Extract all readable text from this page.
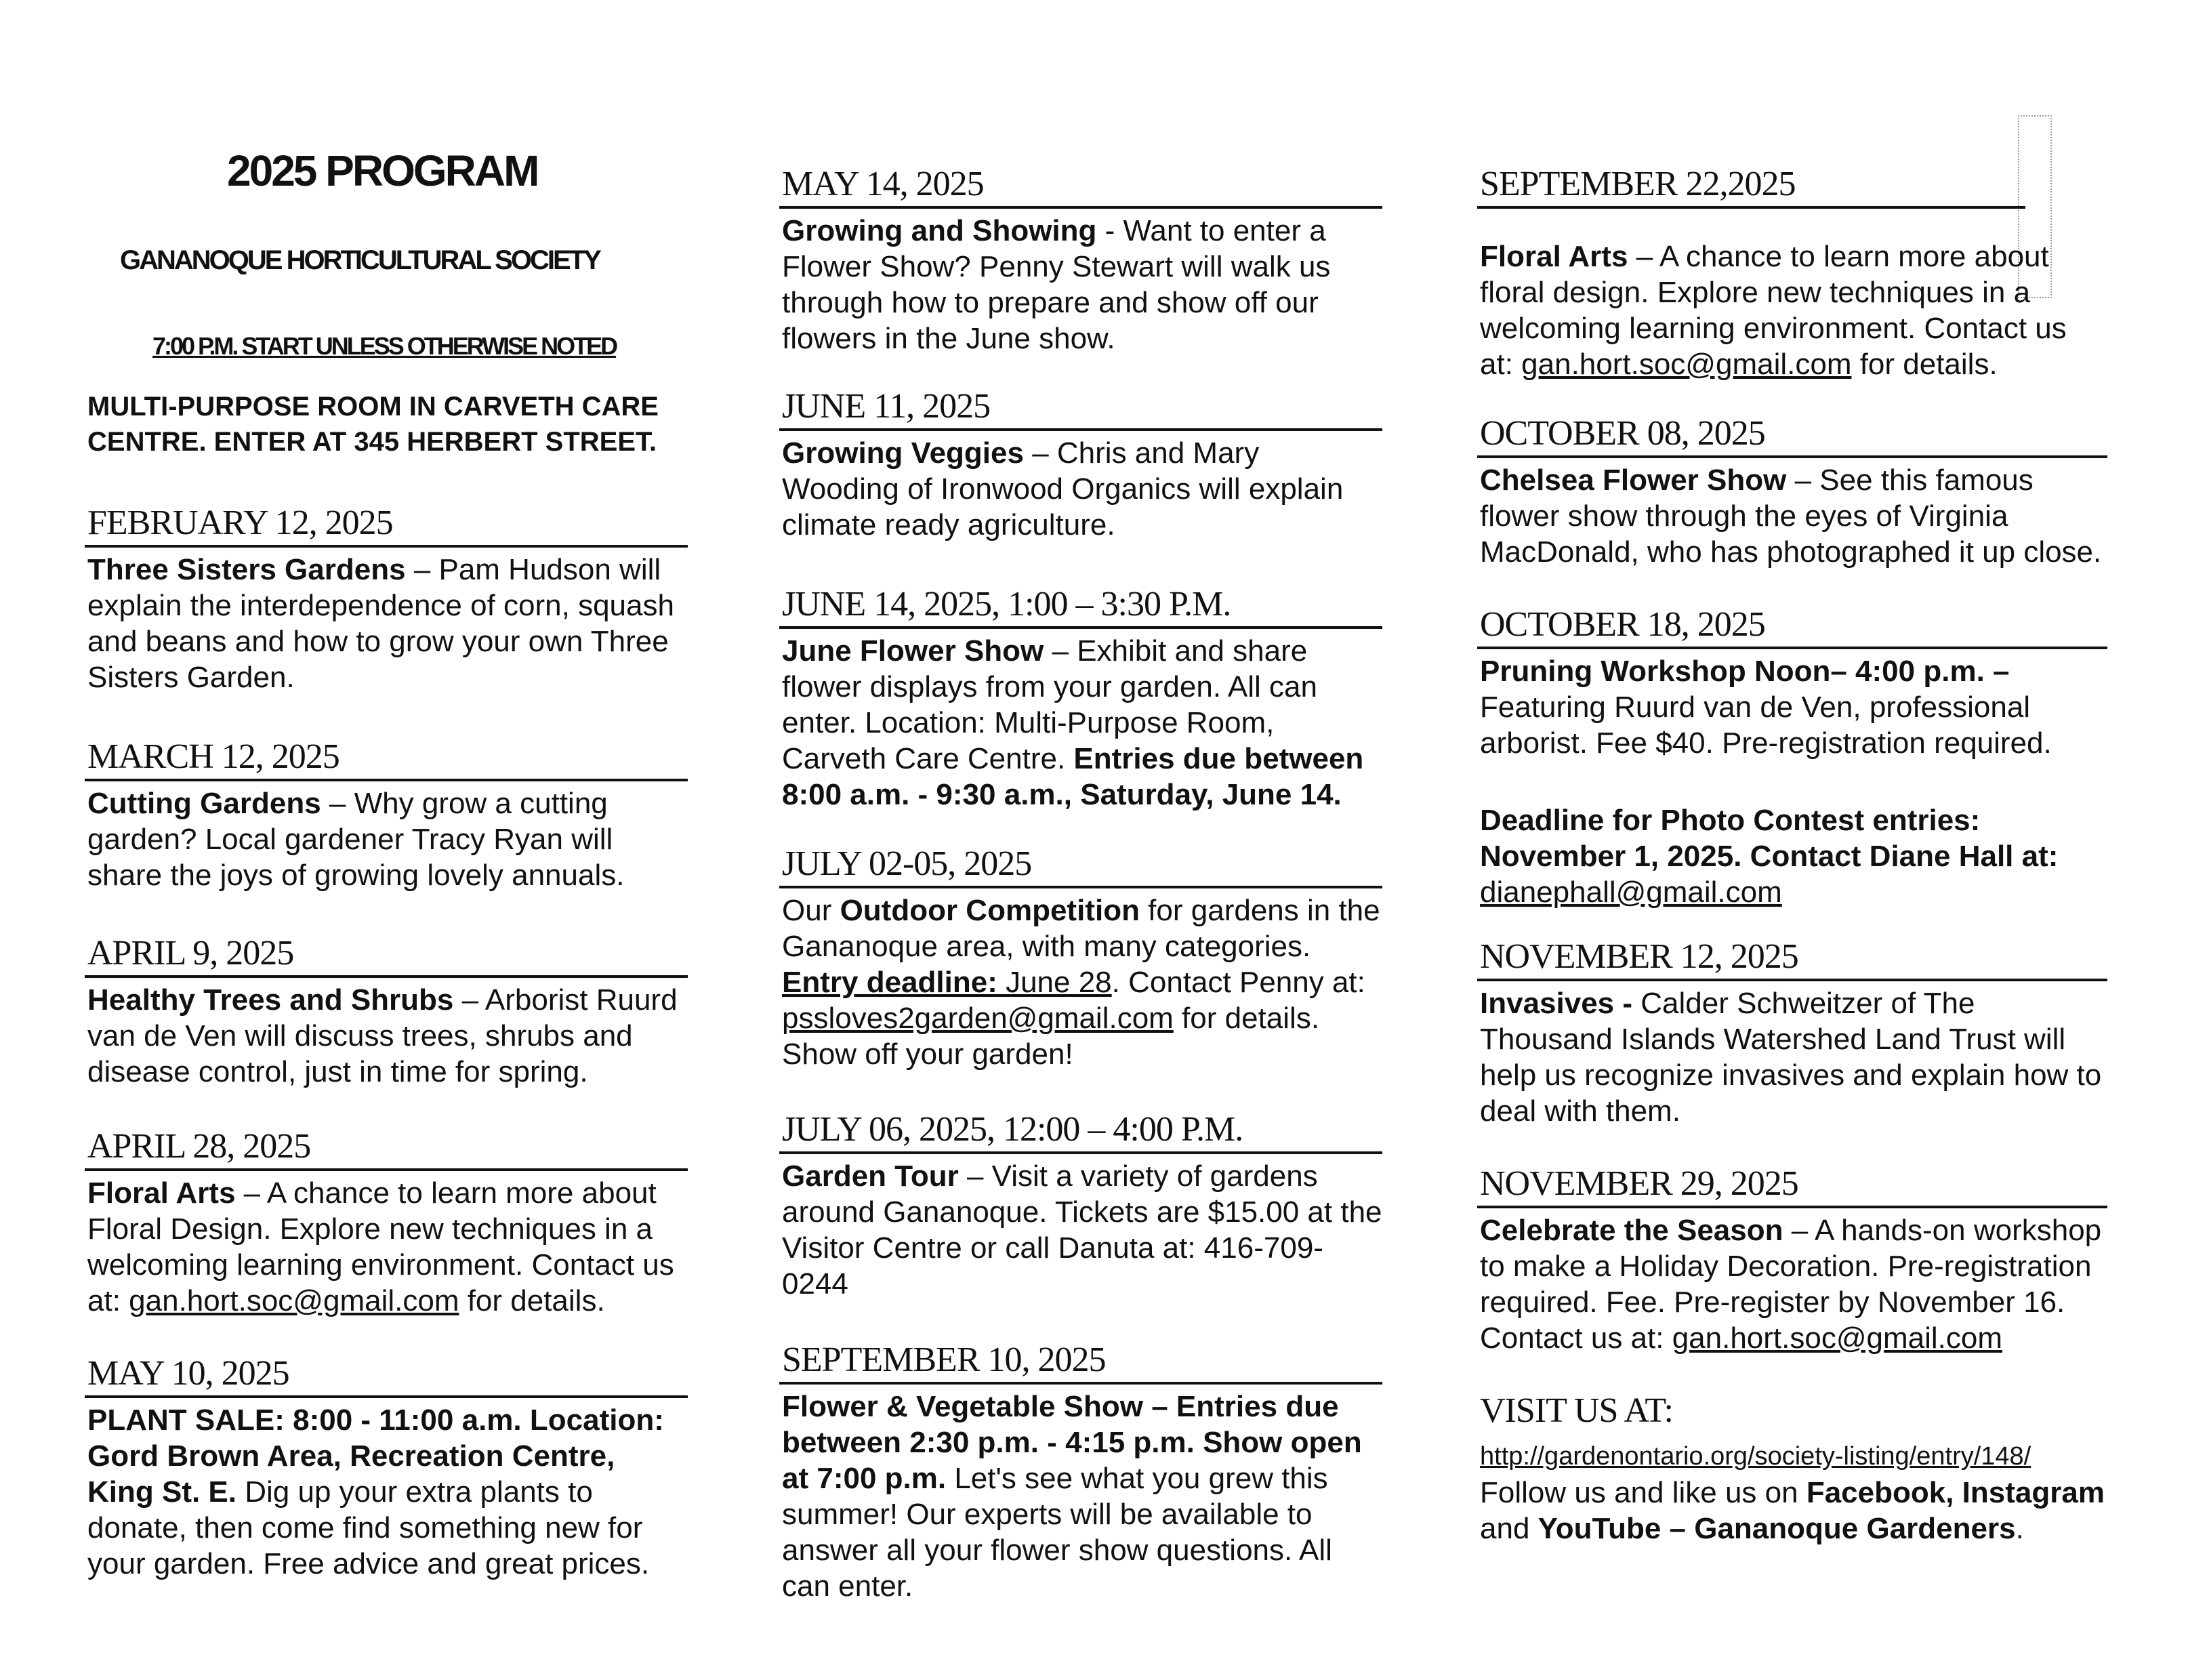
2025 PROGRAM

GANANOQUE HORTICULTURAL SOCIETY

7:00 P.M. START UNLESS OTHERWISE NOTED

MULTI-PURPOSE ROOM IN CARVETH CARE
CENTRE. ENTER AT 345 HERBERT STREET.
FEBRUARY 12, 2025

Three Sisters Gardens – Pam Hudson will explain the interdependence of corn, squash and beans and how to grow your own Three Sisters Garden.

MARCH 12, 2025

Cutting Gardens – Why grow a cutting garden? Local gardener Tracy Ryan will share the joys of growing lovely annuals.

APRIL 9, 2025

Healthy Trees and Shrubs – Arborist Ruurd van de Ven will discuss trees, shrubs and disease control, just in time for spring.

APRIL 28, 2025

Floral Arts – A chance to learn more about Floral Design. Explore new techniques in a welcoming learning environment. Contact us at: gan.hort.soc@gmail.com for details.

MAY 10, 2025

PLANT SALE: 8:00 - 11:00 a.m. Location: Gord Brown Area, Recreation Centre, King St. E. Dig up your extra plants to donate, then come find something new for your garden. Free advice and great prices.

MAY 14, 2025

Growing and Showing - Want to enter a Flower Show? Penny Stewart will walk us through how to prepare and show off our flowers in the June show.

JUNE 11, 2025

Growing Veggies – Chris and Mary Wooding of Ironwood Organics will explain climate ready agriculture.

JUNE 14, 2025, 1:00 – 3:30 P.M.

June Flower Show – Exhibit and share flower displays from your garden. All can enter. Location: Multi-Purpose Room, Carveth Care Centre. Entries due between 8:00 a.m. - 9:30 a.m., Saturday, June 14.

JULY 02-05, 2025

Our Outdoor Competition for gardens in the Gananoque area, with many categories. Entry deadline: June 28. Contact Penny at: pssloves2garden@gmail.com for details. Show off your garden!

JULY 06, 2025, 12:00 – 4:00 P.M.

Garden Tour – Visit a variety of gardens around Gananoque. Tickets are $15.00 at the Visitor Centre or call Danuta at: 416-709-0244

SEPTEMBER 10, 2025

Flower & Vegetable Show – Entries due between 2:30 p.m. - 4:15 p.m. Show open at 7:00 p.m. Let's see what you grew this summer! Our experts will be available to answer all your flower show questions. All can enter.

SEPTEMBER 22,2025

Floral Arts – A chance to learn more about floral design. Explore new techniques in a welcoming learning environment. Contact us at: gan.hort.soc@gmail.com for details.

OCTOBER 08, 2025

Chelsea Flower Show – See this famous flower show through the eyes of Virginia MacDonald, who has photographed it up close.

OCTOBER 18, 2025

Pruning Workshop Noon– 4:00 p.m. – Featuring Ruurd van de Ven, professional arborist. Fee $40. Pre-registration required.

Deadline for Photo Contest entries: November 1, 2025. Contact Diane Hall at:
dianephall@gmail.com

NOVEMBER 12, 2025

Invasives - Calder Schweitzer of The Thousand Islands Watershed Land Trust will help us recognize invasives and explain how to deal with them.

NOVEMBER 29, 2025

Celebrate the Season – A hands-on workshop to make a Holiday Decoration. Pre-registration required. Fee. Pre-register by November 16. Contact us at: gan.hort.soc@gmail.com

VISIT US AT:

http://gardenontario.org/society-listing/entry/148/
Follow us and like us on Facebook, Instagram and YouTube – Gananoque Gardeners.
